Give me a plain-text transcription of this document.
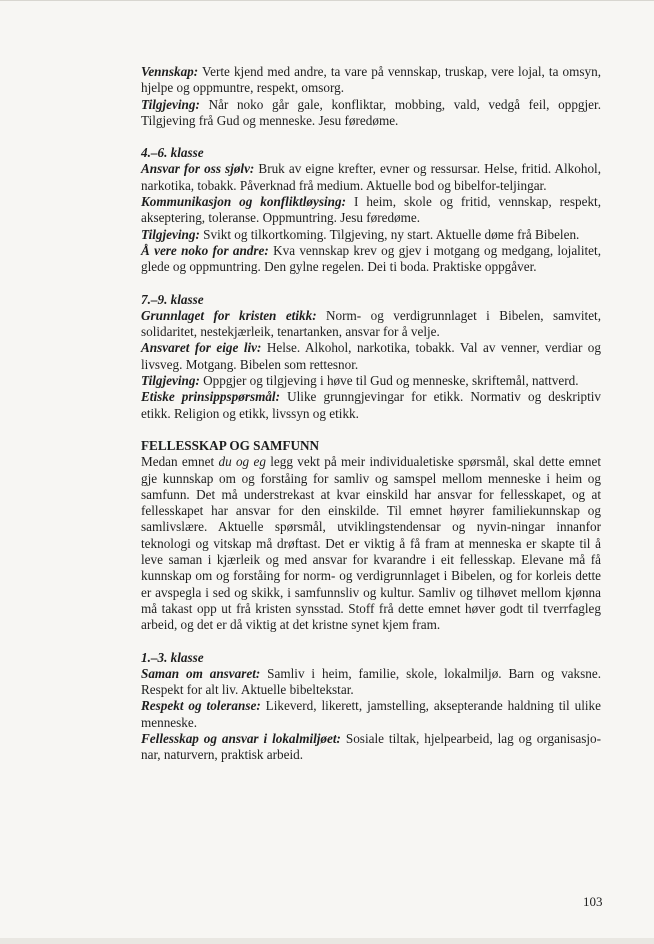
Vennskap: Verte kjend med andre, ta vare på vennskap, truskap, vere lojal, ta omsyn, hjelpe og oppmuntre, respekt, omsorg.

Tilgjeving: Når noko går gale, konfliktar, mobbing, vald, vedgå feil, oppgjer. Tilgjeving frå Gud og menneske. Jesu føredøme.

4.–6. klasse

Ansvar for oss sjølv: Bruk av eigne krefter, evner og ressursar. Helse, fritid. Alkohol, narkotika, tobakk. Påverknad frå medium. Aktuelle bod og bibelfor-teljingar.

Kommunikasjon og konfliktløysing: I heim, skole og fritid, vennskap, respekt, akseptering, toleranse. Oppmuntring. Jesu føredøme.

Tilgjeving: Svikt og tilkortkoming. Tilgjeving, ny start. Aktuelle døme frå Bibelen.

Å vere noko for andre: Kva vennskap krev og gjev i motgang og medgang, lojalitet, glede og oppmuntring. Den gylne regelen. Dei ti boda. Praktiske oppgåver.

7.–9. klasse

Grunnlaget for kristen etikk: Norm- og verdigrunnlaget i Bibelen, samvitet, solidaritet, nestekjærleik, tenartanken, ansvar for å velje.

Ansvaret for eige liv: Helse. Alkohol, narkotika, tobakk. Val av venner, verdiar og livsveg. Motgang. Bibelen som rettesnor.

Tilgjeving: Oppgjer og tilgjeving i høve til Gud og menneske, skriftemål, nattverd.

Etiske prinsippspørsmål: Ulike grunngjevingar for etikk. Normativ og deskriptiv etikk. Religion og etikk, livssyn og etikk.

FELLESSKAP OG SAMFUNN

Medan emnet du og eg legg vekt på meir individualetiske spørsmål, skal dette emnet gje kunnskap om og forståing for samliv og samspel mellom menneske i heim og samfunn. Det må understrekast at kvar einskild har ansvar for fellesskapet, og at fellesskapet har ansvar for den einskilde. Til emnet høyrer familiekunnskap og samlivslære. Aktuelle spørsmål, utviklingstendensar og nyvin-ningar innanfor teknologi og vitskap må drøftast. Det er viktig å få fram at menneska er skapte til å leve saman i kjærleik og med ansvar for kvarandre i eit fellesskap. Elevane må få kunnskap om og forståing for norm- og verdigrunnlaget i Bibelen, og for korleis dette er avspegla i sed og skikk, i samfunnsliv og kultur. Samliv og tilhøvet mellom kjønna må takast opp ut frå kristen synsstad. Stoff frå dette emnet høver godt til tverrfagleg arbeid, og det er då viktig at det kristne synet kjem fram.

1.–3. klasse

Saman om ansvaret: Samliv i heim, familie, skole, lokalmiljø. Barn og vaksne. Respekt for alt liv. Aktuelle bibeltekstar.

Respekt og toleranse: Likeverd, likerett, jamstelling, aksepterande haldning til ulike menneske.

Fellesskap og ansvar i lokalmiljøet: Sosiale tiltak, hjelpearbeid, lag og organisasjo-nar, naturvern, praktisk arbeid.

103
